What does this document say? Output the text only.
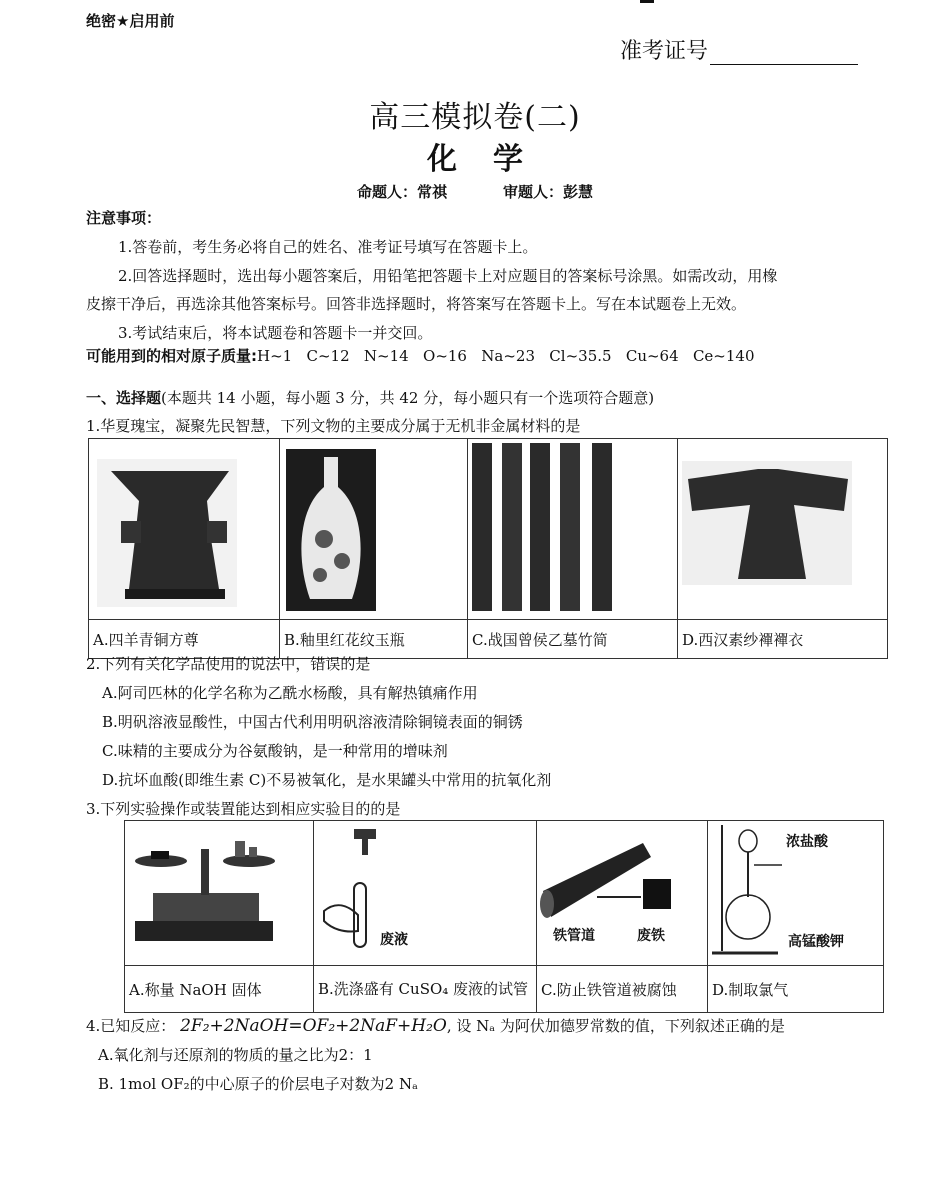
绝密★启用前
准考证号
高三模拟卷(二)
化学
命题人：常祺	审题人：彭慧
注意事项：
1.答卷前，考生务必将自己的姓名、准考证号填写在答题卡上。
2.回答选择题时，选出每小题答案后，用铅笔把答题卡上对应题目的答案标号涂黑。如需改动，用橡
皮擦干净后，再选涂其他答案标号。回答非选择题时，将答案写在答题卡上。写在本试题卷上无效。
3.考试结束后，将本试题卷和答题卡一并交回。
可能用到的相对原子质量:H~1   C~12   N~14   O~16   Na~23   Cl~35.5   Cu~64   Ce~140
一、选择题(本题共 14 小题，每小题 3 分，共 42 分，每小题只有一个选项符合题意)
1.华夏瑰宝，凝聚先民智慧，下列文物的主要成分属于无机非金属材料的是

A.四羊青铜方尊	B.釉里红花纹玉瓶	C.战国曾侯乙墓竹简	D.西汉素纱襌襌衣
2.下列有关化学品使用的说法中，错误的是
A.阿司匹林的化学名称为乙酰水杨酸，具有解热镇痛作用
B.明矾溶液显酸性，中国古代利用明矾溶液清除铜镜表面的铜锈
C.味精的主要成分为谷氨酸钠，是一种常用的增味剂
D.抗坏血酸(即维生素 C)不易被氧化，是水果罐头中常用的抗氧化剂
3.下列实验操作或装置能达到相应实验目的的是

废液	铁管道 废铁	浓盐酸
高锰酸钾

A.称量 NaOH 固体	B.洗涤盛有 CuSO₄ 废液的试管	C.防止铁管道被腐蚀	D.制取氯气
4.已知反应： 2F₂+2NaOH=OF₂+2NaF+H₂O, 设 Nₐ 为阿伏加德罗常数的值，下列叙述正确的是
A.氧化剂与还原剂的物质的量之比为2：1
B. 1mol OF₂的中心原子的价层电子对数为2 Nₐ
